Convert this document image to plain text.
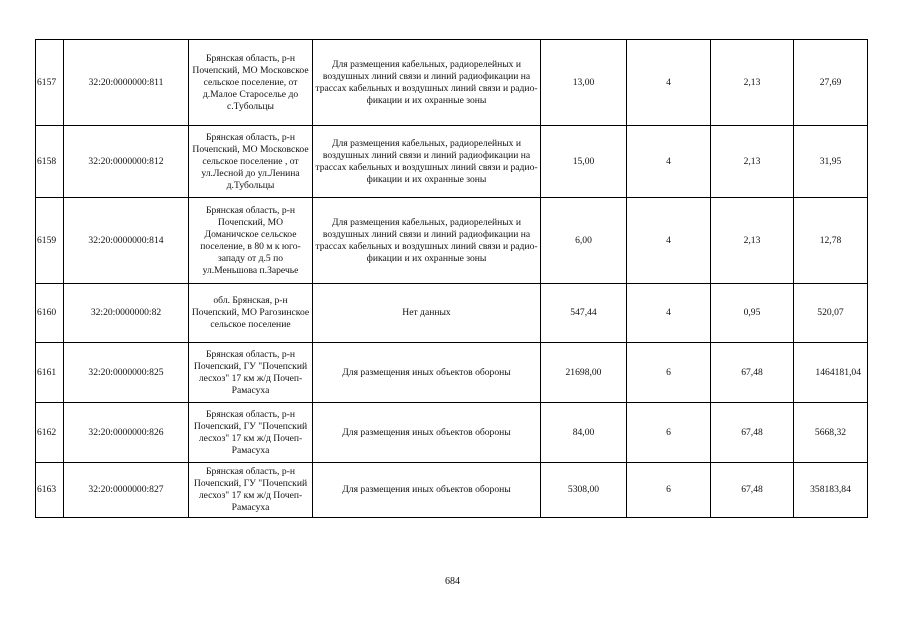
6157	32:20:0000000:811	Брянская область, р-н Почепский, МО Московское сельское поселение, от д.Малое Староселье до с.Тубольцы	Для размещения кабельных, радиорелейных и воздушных линий связи и линий радиофикации на трассах кабельных и воздушных линий связи и радио-фикации и их охранные зоны	13,00	4	2,13	27,69
6158	32:20:0000000:812	Брянская область, р-н Почепский, МО Московское сельское поселение , от ул.Лесной до ул.Ленина д.Тубольцы	Для размещения кабельных, радиорелейных и воздушных линий связи и линий радиофикации на трассах кабельных и воздушных линий связи и радио-фикации и их охранные зоны	15,00	4	2,13	31,95
6159	32:20:0000000:814	Брянская область, р-н Почепский, МО Доманичское сельское поселение, в 80 м к юго-западу от д.5 по ул.Меньшова п.Заречье	Для размещения кабельных, радиорелейных и воздушных линий связи и линий радиофикации на трассах кабельных и воздушных линий связи и радио-фикации и их охранные зоны	6,00	4	2,13	12,78
6160	32:20:0000000:82	обл. Брянская, р-н Почепский, МО Рагозинское сельское поселение	Нет данных	547,44	4	0,95	520,07
6161	32:20:0000000:825	Брянская область, р-н Почепский, ГУ "Почепский лесхоз" 17 км ж/д Почеп-Рамасуха	Для размещения иных объектов обороны	21698,00	6	67,48	1464181,04
6162	32:20:0000000:826	Брянская область, р-н Почепский, ГУ "Почепский лесхоз" 17 км ж/д Почеп-Рамасуха	Для размещения иных объектов обороны	84,00	6	67,48	5668,32
6163	32:20:0000000:827	Брянская область, р-н Почепский, ГУ "Почепский лесхоз" 17 км ж/д Почеп-Рамасуха	Для размещения иных объектов обороны	5308,00	6	67,48	358183,84
684
